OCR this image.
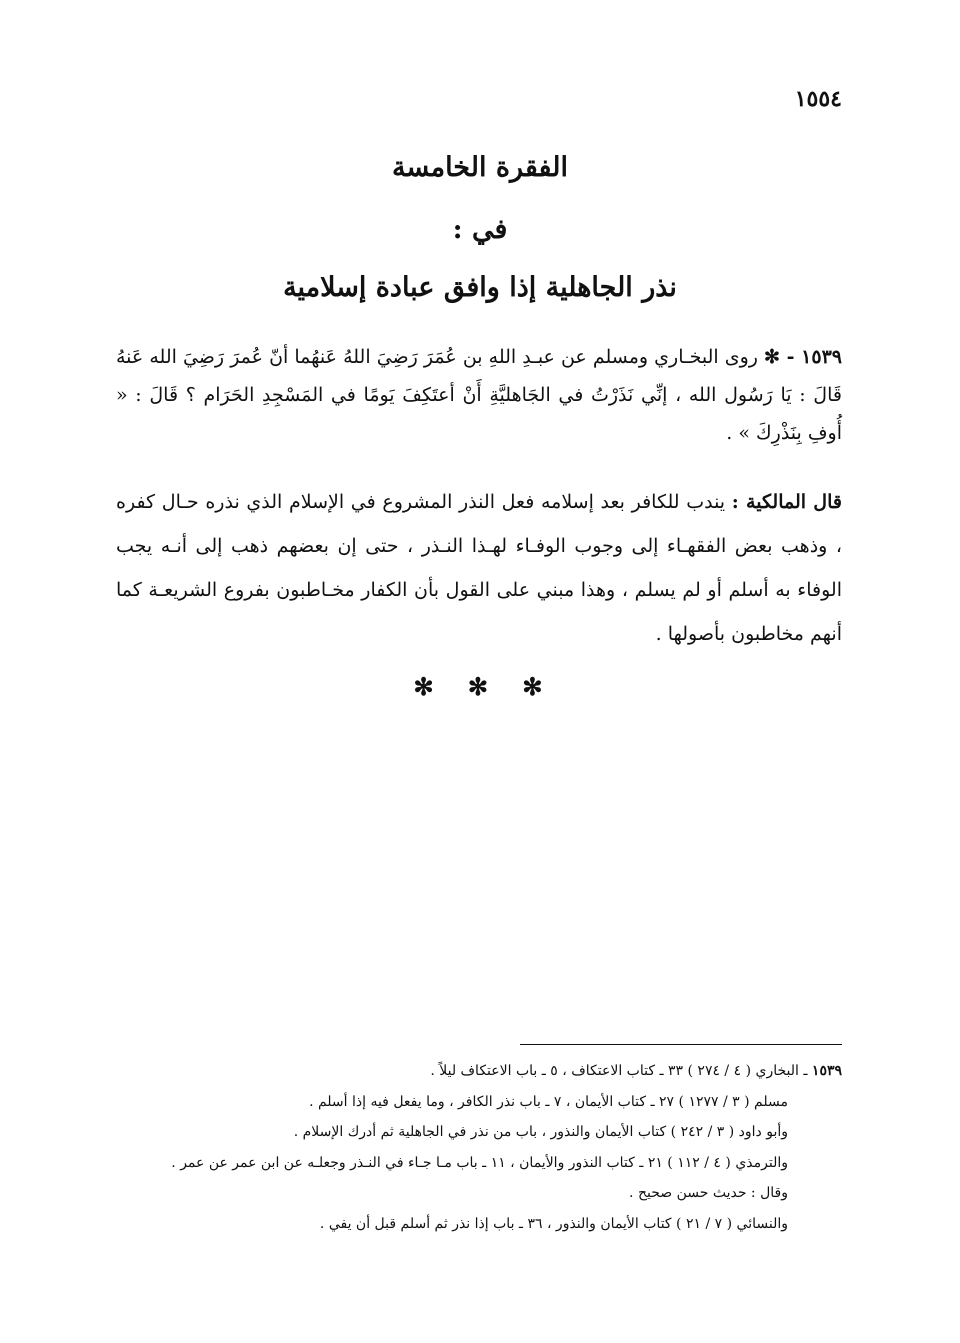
١٥٥٤
الفقرة الخامسة
في :
نذر الجاهلية إذا وافق عبادة إسلامية
١٥٣٩ - ✻ روى البخـاري ومسلم عن عبـدِ اللهِ بن عُمَرَ رَضِيَ اللهُ عَنهُما أنّ عُمرَ رَضِيَ الله عَنهُ قَالَ : يَا رَسُول الله ، إنِّي نَذَرْتُ في الجَاهليَّةِ أَنْ أعتَكِفَ يَومًا في المَسْجِدِ الحَرَام ؟ قَالَ : « أُوفِ بِنَذْرِكَ » .
قال المالكية : يندب للكافر بعد إسلامه فعل النذر المشروع في الإسلام الذي نذره حـال كفره ، وذهب بعض الفقهـاء إلى وجوب الوفـاء لهـذا النـذر ، حتى إن بعضهم ذهب إلى أنـه يجب الوفاء به أسلم أو لم يسلم ، وهذا مبني على القول بأن الكفار مخـاطبون بفروع الشريعـة كما أنهم مخاطبون بأصولها .
✻ ✻ ✻
١٥٣٩ ـ البخاري ( ٤ / ٢٧٤ ) ٣٣ ـ كتاب الاعتكاف ، ٥ ـ باب الاعتكاف ليلاً .
مسلم ( ٣ / ١٢٧٧ ) ٢٧ ـ كتاب الأيمان ، ٧ ـ باب نذر الكافر ، وما يفعل فيه إذا أسلم .
وأبو داود ( ٣ / ٢٤٢ ) كتاب الأيمان والنذور ، باب من نذر في الجاهلية ثم أدرك الإسلام .
والترمذي ( ٤ / ١١٢ ) ٢١ ـ كتاب النذور والأيمان ، ١١ ـ باب مـا جـاء في النـذر وجعلـه عن ابن عمر عن عمر .
وقال : حديث حسن صحيح .
والنسائي ( ٧ / ٢١ ) كتاب الأيمان والنذور ، ٣٦ ـ باب إذا نذر ثم أسلم قبل أن يفي .
